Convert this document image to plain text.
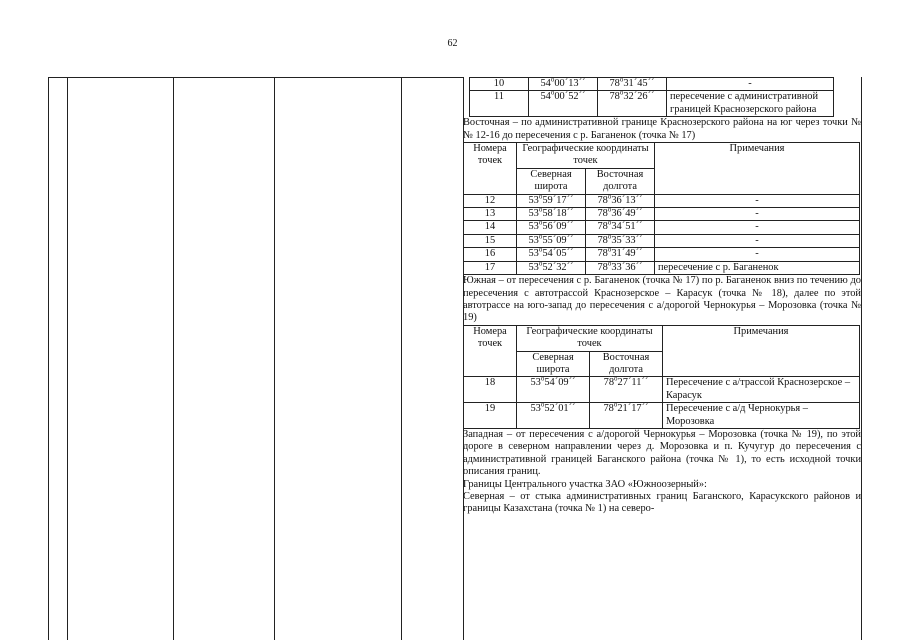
62
10	54$^o$00´13´´	78$^o$31´45´´	-
11	54$^o$00´52´´	78$^o$32´26´´	пересечение с административной границей Краснозерского района

Восточная – по административной границе Краснозерского района на юг через точки №№ 12-16 до пересечения с р. Баганенок (точка № 17)

Номера точек	Географические координаты точек		Примечания
	Северная широта	Восточная долгота	
12	53$^o$59´17´´	78$^o$36´13´´	-
13	53$^o$58´18´´	78$^o$36´49´´	-
14	53$^o$56´09´´	78$^o$34´51´´	-
15	53$^o$55´09´´	78$^o$35´33´´	-
16	53$^o$54´05´´	78$^o$31´49´´	-
17	53$^o$52´32´´	78$^o$33´36´´	пересечение с р. Баганенок

Южная – от пересечения с р. Баганенок (точка № 17) по р. Баганенок вниз по течению до пересечения с автотрассой Краснозерское – Карасук (точка № 18), далее по этой автотрассе на юго-запад до пересечения с а/дорогой Чернокурья – Морозовка (точка № 19)

Номера точек	Географические координаты точек		Примечания
	Северная широта	Восточная долгота	
18	53$^o$54´09´´	78$^o$27´11´´	Пересечение с а/трассой Краснозерское – Карасук
19	53$^o$52´01´´	78$^o$21´17´´	Пересечение с а/д Чернокурья – Морозовка

Западная – от пересечения с а/дорогой Чернокурья – Морозовка (точка № 19), по этой дороге в северном направлении через д. Морозовка и п. Кучугур до пересечения с административной границей Баганского района (точка № 1), то есть исходной точки описания границ.

Границы Центрального участка ЗАО «Южноозерный»:

Северная – от стыка административных границ Баганского, Карасукского районов и границы Казахстана (точка № 1) на северо-
